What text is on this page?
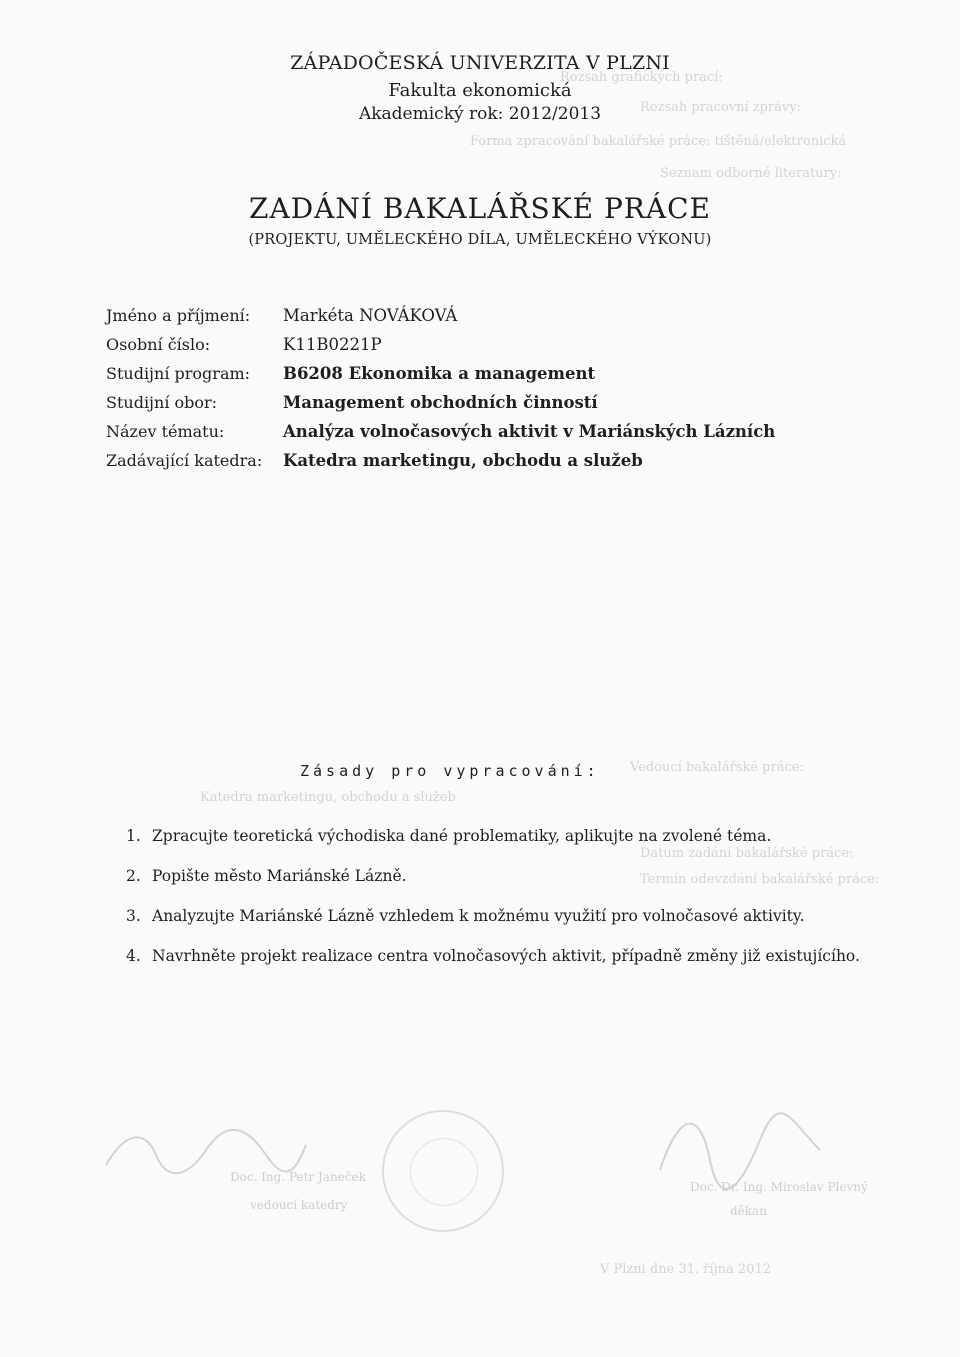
Rozsah grafických prací:
Rozsah pracovní zprávy:
Forma zpracování bakalářské práce: tištěná/elektronická
Seznam odborné literatury:
Vedoucí bakalářské práce:
Katedra marketingu, obchodu a služeb
Datum zadání bakalářské práce:
Termín odevzdání bakalářské práce:
V Plzni dne 31. října 2012
ZÁPADOČESKÁ UNIVERZITA V PLZNI
Fakulta ekonomická
Akademický rok: 2012/2013
ZADÁNÍ BAKALÁŘSKÉ PRÁCE
(PROJEKTU, UMĚLECKÉHO DÍLA, UMĚLECKÉHO VÝKONU)
Jméno a příjmení: Markéta NOVÁKOVÁ
Osobní číslo:	K11B0221P
Studijní program: B6208 Ekonomika a management
Studijní obor:	Management obchodních činností
Název tématu:	Analýza volnočasových aktivit v Mariánských Lázních
Zadávající katedra: Katedra marketingu, obchodu a služeb
Zásady pro vypracování:
1. Zpracujte teoretická východiska dané problematiky, aplikujte na zvolené téma.
2. Popište město Mariánské Lázně.
3. Analyzujte Mariánské Lázně vzhledem k možnému využití pro volnočasové aktivity.
4. Navrhněte projekt realizace centra volnočasových aktivit, případně změny již existujícího.
Doc. Ing. Petr Janeček
vedoucí katedry
Doc. Dr. Ing. Miroslav Plevný
děkan
